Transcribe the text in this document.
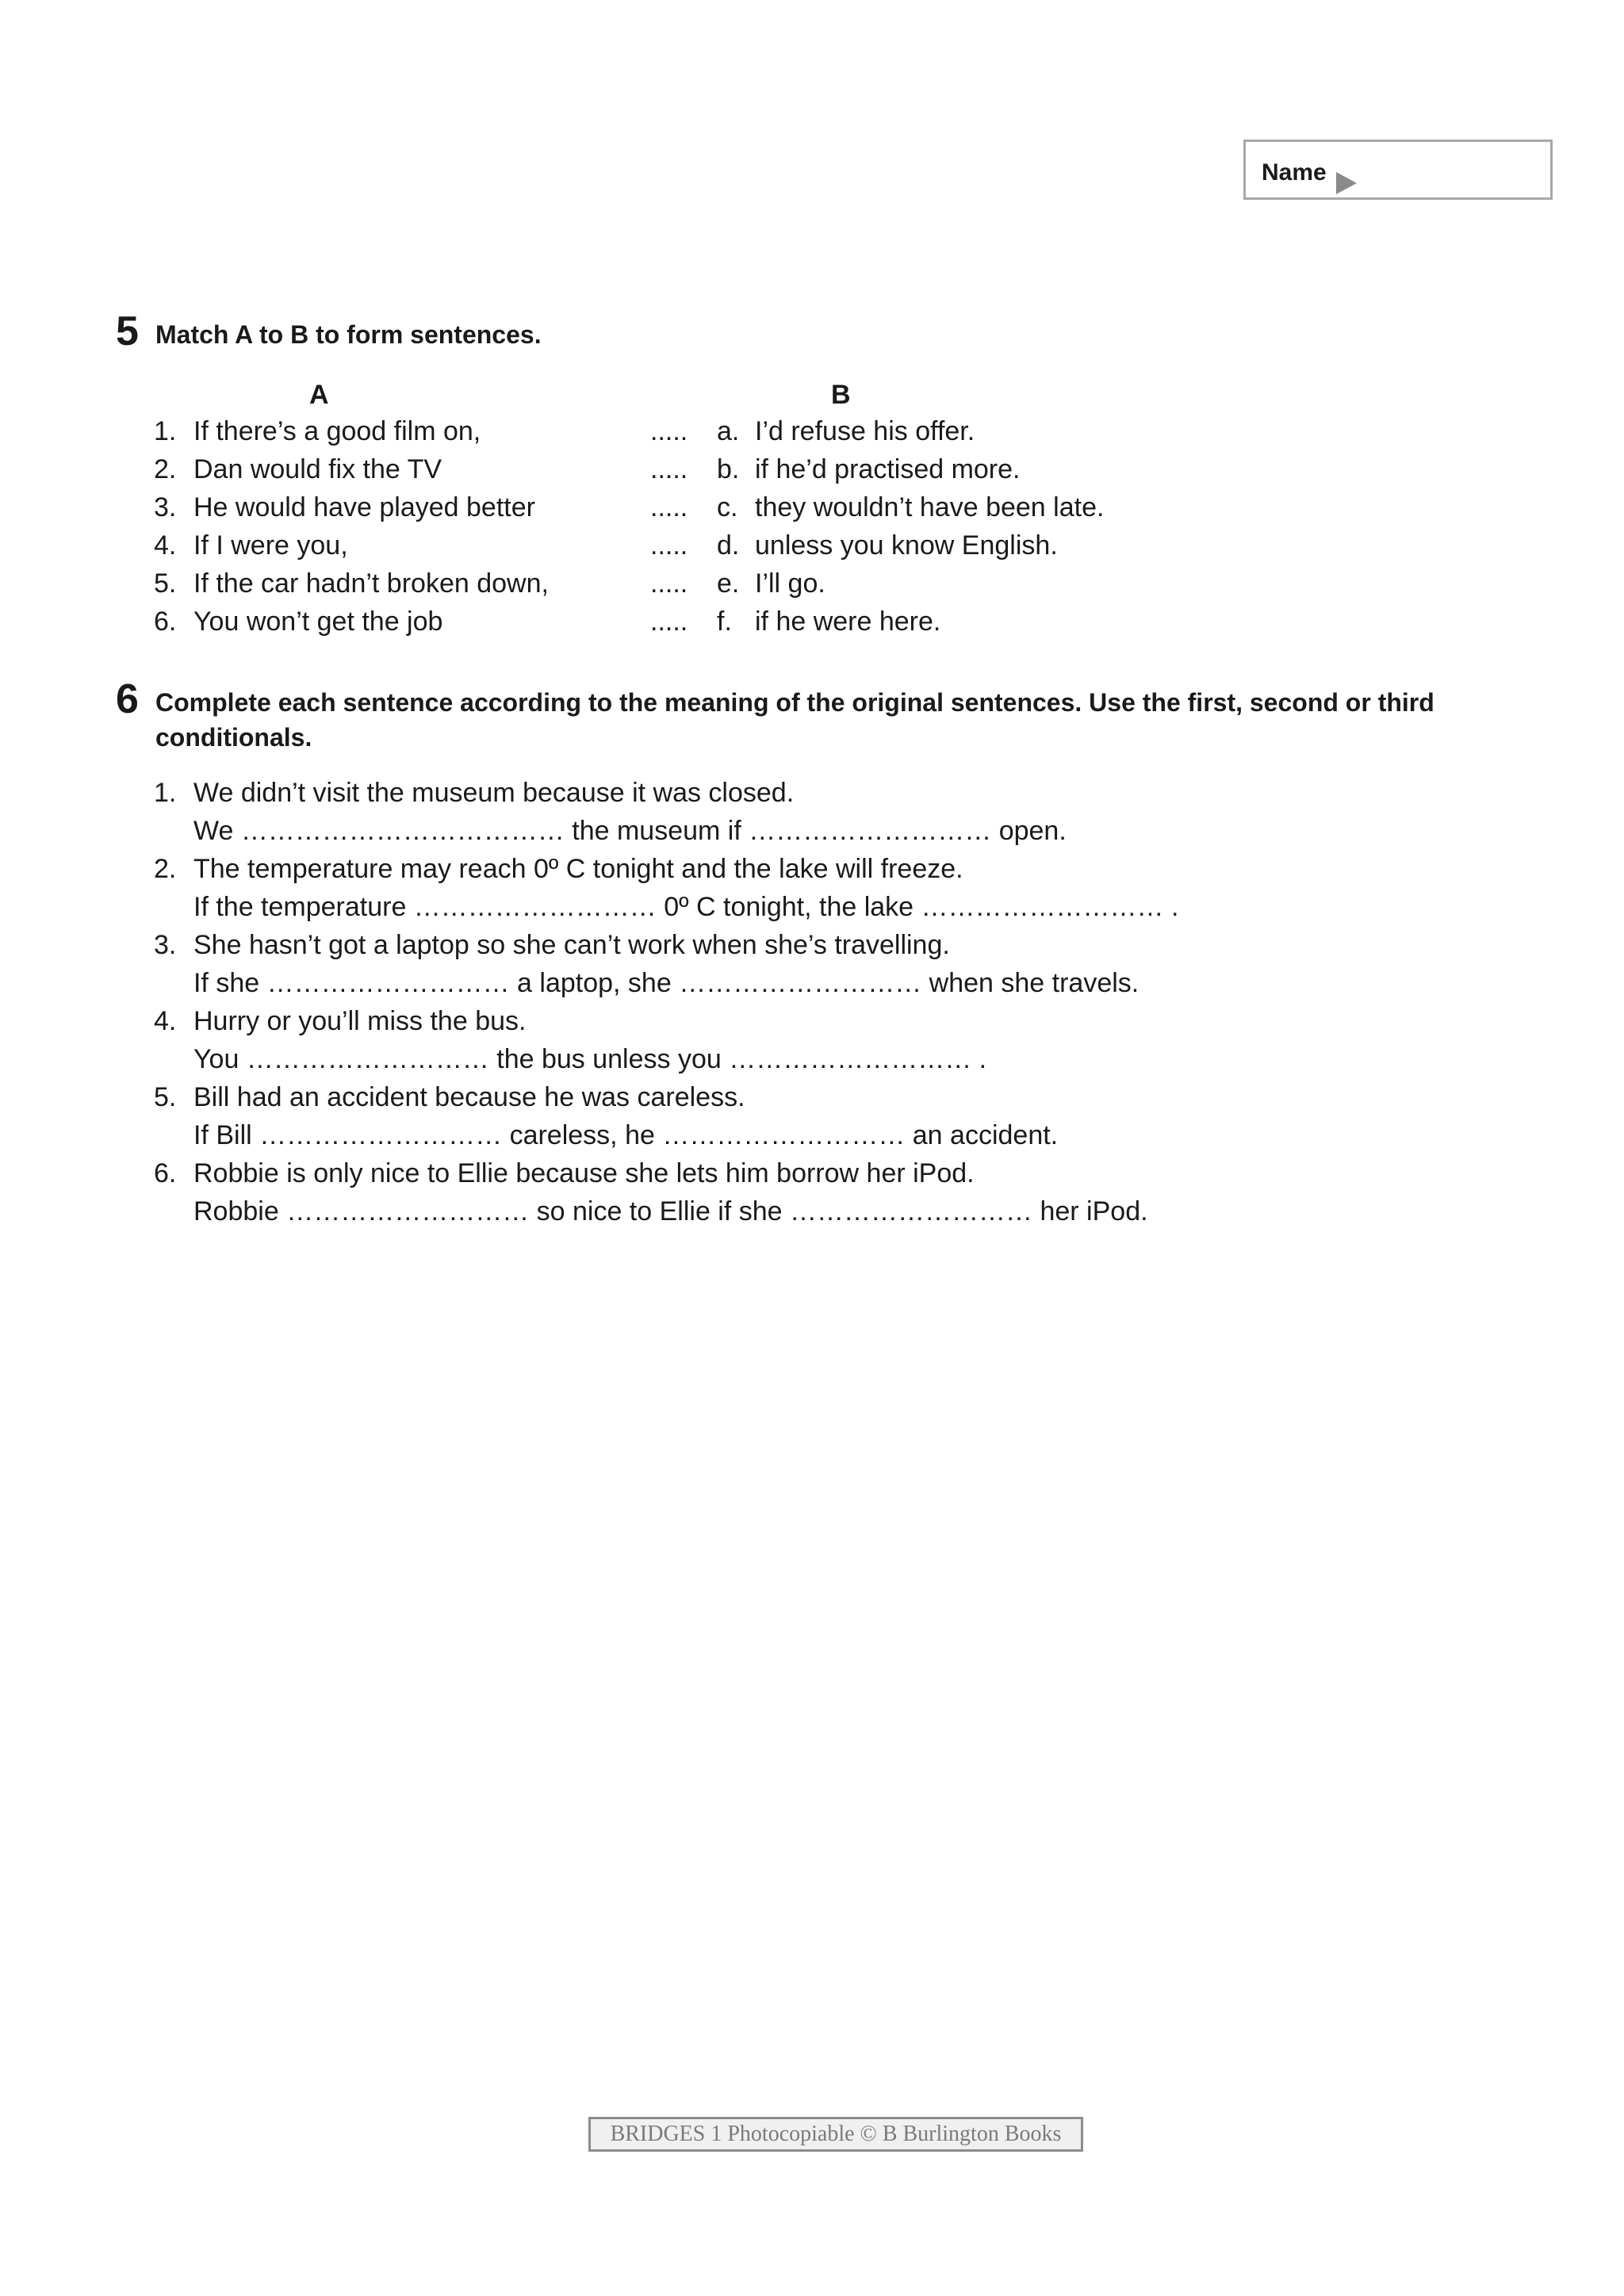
Name
5 Match A to B to form sentences.
A	B
1. If there’s a good film on,	..... a. I’d refuse his offer.
2. Dan would fix the TV	..... b. if he’d practised more.
3. He would have played better	..... c. they wouldn’t have been late.
4. If I were you,	..... d. unless you know English.
5. If the car hadn’t broken down,	..... e. I’ll go.
6. You won’t get the job	..... f. if he were here.
6 Complete each sentence according to the meaning of the original sentences. Use the first, second or third
conditionals.
1. We didn’t visit the museum because it was closed.
We ……………………………… the museum if ……………………… open.
2. The temperature may reach 0º C tonight and the lake will freeze.
If the temperature ……………………… 0º C tonight, the lake ……………………… .
3. She hasn’t got a laptop so she can’t work when she’s travelling.
If she ……………………… a laptop, she ……………………… when she travels.
4. Hurry or you’ll miss the bus.
You ……………………… the bus unless you ……………………… .
5. Bill had an accident because he was careless.
If Bill ……………………… careless, he ……………………… an accident.
6. Robbie is only nice to Ellie because she lets him borrow her iPod.
Robbie ……………………… so nice to Ellie if she ……………………… her iPod.
BRIDGES 1 Photocopiable © B Burlington Books
